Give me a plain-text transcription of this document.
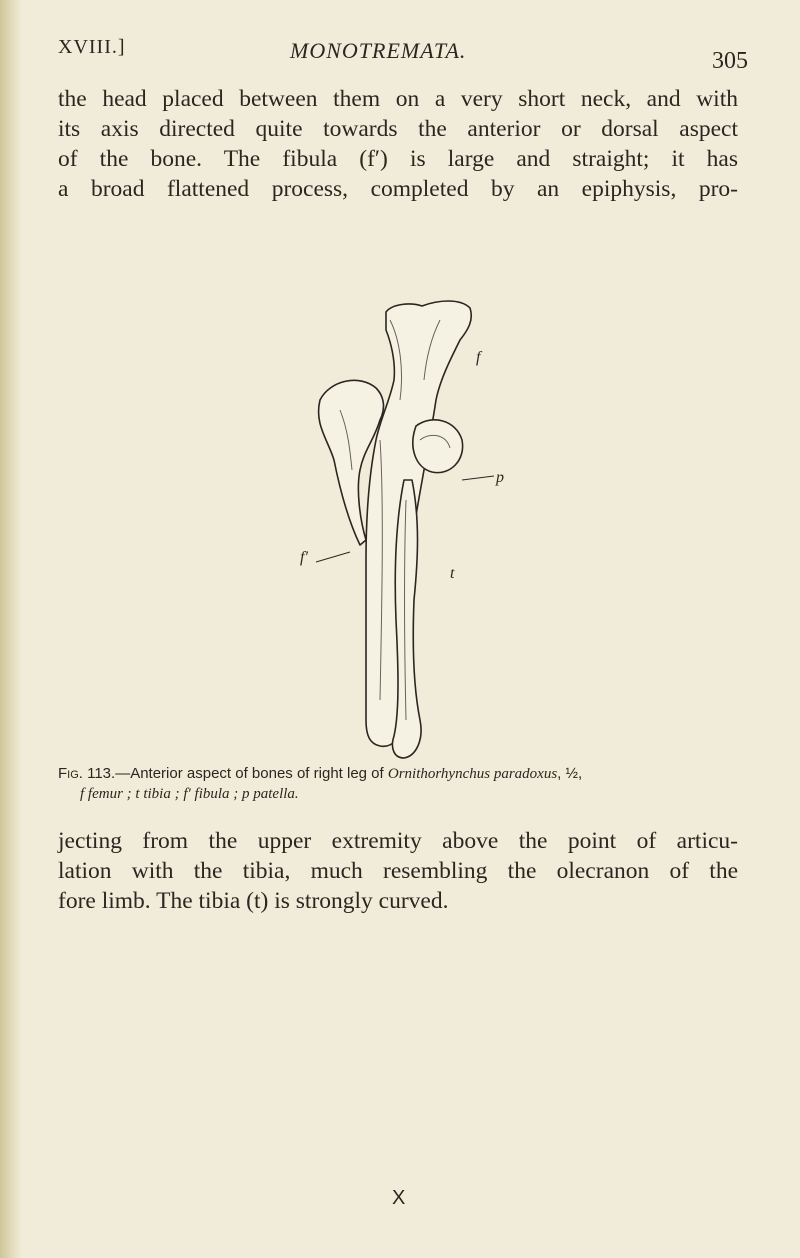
XVIII.]	MONOTREMATA.	305

the head placed between them on a very short neck, and with
its axis directed quite towards the anterior or dorsal aspect
of the bone. The fibula (f′) is large and straight; it has
a broad flattened process, completed by an epiphysis, pro-

f
p
f′
t
Fig. 113.—Anterior aspect of bones of right leg of Ornithorhynchus paradoxus, ½,
f femur ; t tibia ; f′ fibula ; p patella.

jecting from the upper extremity above the point of articu-
lation with the tibia, much resembling the olecranon of the
fore limb. The tibia (t) is strongly curved.

X
